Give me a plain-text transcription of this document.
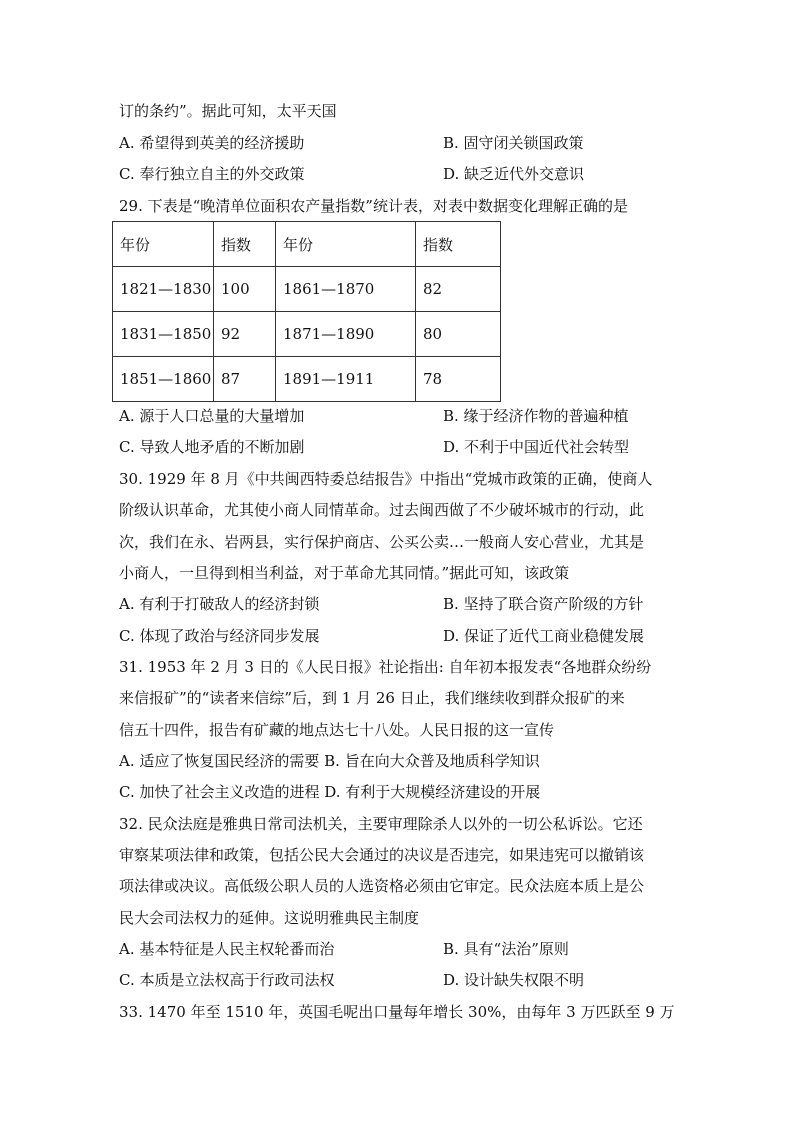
订的条约”。据此可知，太平天国
A. 希望得到英美的经济援助	B. 固守闭关锁国政策
C. 奉行独立自主的外交政策	D. 缺乏近代外交意识
29. 下表是“晚清单位面积农产量指数”统计表，对表中数据变化理解正确的是
年份	指数	年份	指数
1821—1830	100	1861—1870	82
1831—1850	92	1871—1890	80
1851—1860	87	1891—1911	78
A. 源于人口总量的大量增加	B. 缘于经济作物的普遍种植
C. 导致人地矛盾的不断加剧	D. 不利于中国近代社会转型
30. 1929 年 8 月《中共闽西特委总结报告》中指出“党城市政策的正确，使商人
阶级认识革命，尤其使小商人同情革命。过去闽西做了不少破坏城市的行动，此
次，我们在永、岩两县，实行保护商店、公买公卖…一般商人安心营业，尤其是
小商人，一旦得到相当利益，对于革命尤其同情。”据此可知，该政策
A. 有利于打破敌人的经济封锁	B. 坚持了联合资产阶级的方针
C. 体现了政治与经济同步发展	D. 保证了近代工商业稳健发展
31. 1953 年 2 月 3 日的《人民日报》社论指出: 自年初本报发表“各地群众纷纷
来信报矿”的“读者来信综”后，到 1 月 26 日止，我们继续收到群众报矿的来
信五十四件，报告有矿藏的地点达七十八处。人民日报的这一宣传
A. 适应了恢复国民经济的需要 B. 旨在向大众普及地质科学知识
C. 加快了社会主义改造的进程 D. 有利于大规模经济建设的开展
32. 民众法庭是雅典日常司法机关，主要审理除杀人以外的一切公私诉讼。它还
审察某项法律和政策，包括公民大会通过的决议是否违完，如果违宪可以撤销该
项法律或决议。高低级公职人员的人选资格必须由它审定。民众法庭本质上是公
民大会司法权力的延伸。这说明雅典民主制度
A. 基本特征是人民主权轮番而治	B. 具有“法治”原则
C. 本质是立法权高于行政司法权	D. 设计缺失权限不明
33. 1470 年至 1510 年，英国毛呢出口量每年增长 30%，由每年 3 万匹跃至 9 万
